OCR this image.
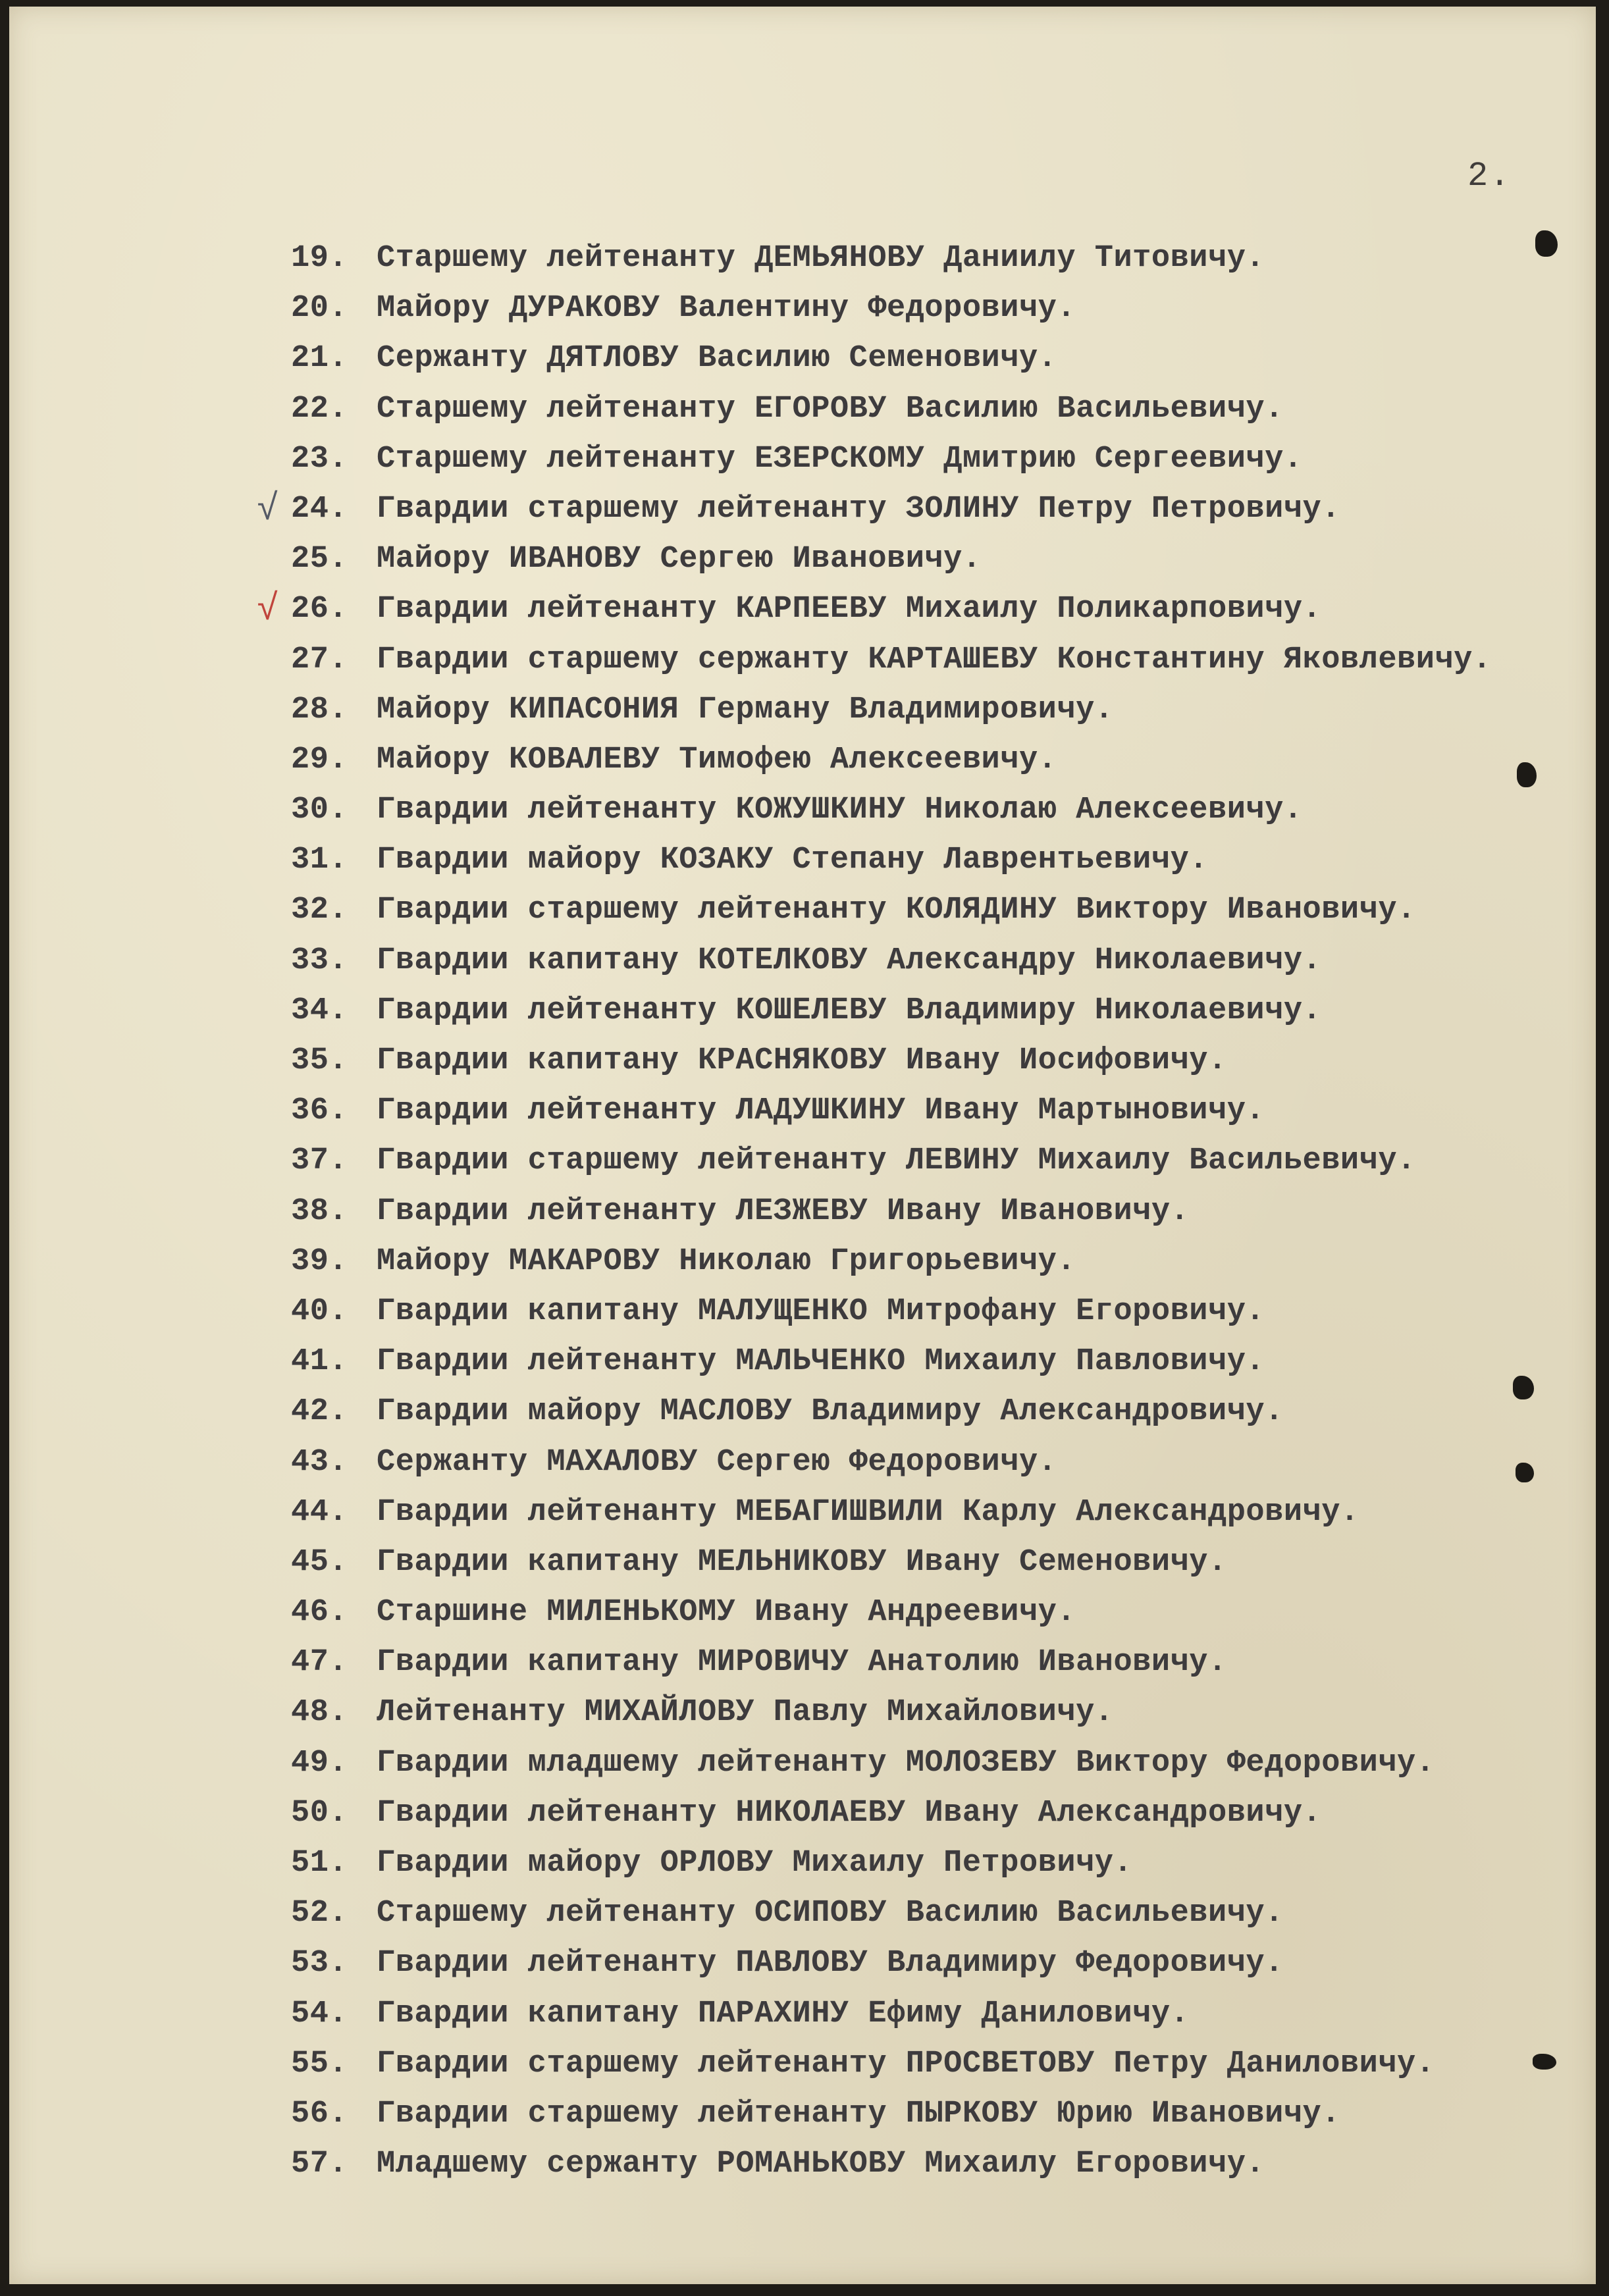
2.
19. Старшему лейтенанту ДЕМЬЯНОВУ Даниилу Титовичу.
20. Майору ДУРАКОВУ Валентину Федоровичу.
21. Сержанту ДЯТЛОВУ Василию Семеновичу.
22. Старшему лейтенанту ЕГОРОВУ Василию Васильевичу.
23. Старшему лейтенанту ЕЗЕРСКОМУ Дмитрию Сергеевичу.
√ 24. Гвардии старшему лейтенанту ЗОЛИНУ Петру Петровичу.
25. Майору ИВАНОВУ Сергею Ивановичу.
√ 26. Гвардии лейтенанту КАРПЕЕВУ Михаилу Поликарповичу.
27. Гвардии старшему сержанту КАРТАШЕВУ Константину Яковлевичу.
28. Майору КИПАСОНИЯ Герману Владимировичу.
29. Майору КОВАЛЕВУ Тимофею Алексеевичу.
30. Гвардии лейтенанту КОЖУШКИНУ Николаю Алексеевичу.
31. Гвардии майору КОЗАКУ Степану Лаврентьевичу.
32. Гвардии старшему лейтенанту КОЛЯДИНУ Виктору Ивановичу.
33. Гвардии капитану КОТЕЛКОВУ Александру Николаевичу.
34. Гвардии лейтенанту КОШЕЛЕВУ Владимиру Николаевичу.
35. Гвардии капитану КРАСНЯКОВУ Ивану Иосифовичу.
36. Гвардии лейтенанту ЛАДУШКИНУ Ивану Мартыновичу.
37. Гвардии старшему лейтенанту ЛЕВИНУ Михаилу Васильевичу.
38. Гвардии лейтенанту ЛЕЗЖЕВУ Ивану Ивановичу.
39. Майору МАКАРОВУ Николаю Григорьевичу.
40. Гвардии капитану МАЛУЩЕНКО Митрофану Егоровичу.
41. Гвардии лейтенанту МАЛЬЧЕНКО Михаилу Павловичу.
42. Гвардии майору МАСЛОВУ Владимиру Александровичу.
43. Сержанту МАХАЛОВУ Сергею Федоровичу.
44. Гвардии лейтенанту МЕБАГИШВИЛИ Карлу Александровичу.
45. Гвардии капитану МЕЛЬНИКОВУ Ивану Семеновичу.
46. Старшине МИЛЕНЬКОМУ Ивану Андреевичу.
47. Гвардии капитану МИРОВИЧУ Анатолию Ивановичу.
48. Лейтенанту МИХАЙЛОВУ Павлу Михайловичу.
49. Гвардии младшему лейтенанту МОЛОЗЕВУ Виктору Федоровичу.
50. Гвардии лейтенанту НИКОЛАЕВУ Ивану Александровичу.
51. Гвардии майору ОРЛОВУ Михаилу Петровичу.
52. Старшему лейтенанту ОСИПОВУ Василию Васильевичу.
53. Гвардии лейтенанту ПАВЛОВУ Владимиру Федоровичу.
54. Гвардии капитану ПАРАХИНУ Ефиму Даниловичу.
55. Гвардии старшему лейтенанту ПРОСВЕТОВУ Петру Даниловичу.
56. Гвардии старшему лейтенанту ПЫРКОВУ Юрию Ивановичу.
57. Младшему сержанту РОМАНЬКОВУ Михаилу Егоровичу.
